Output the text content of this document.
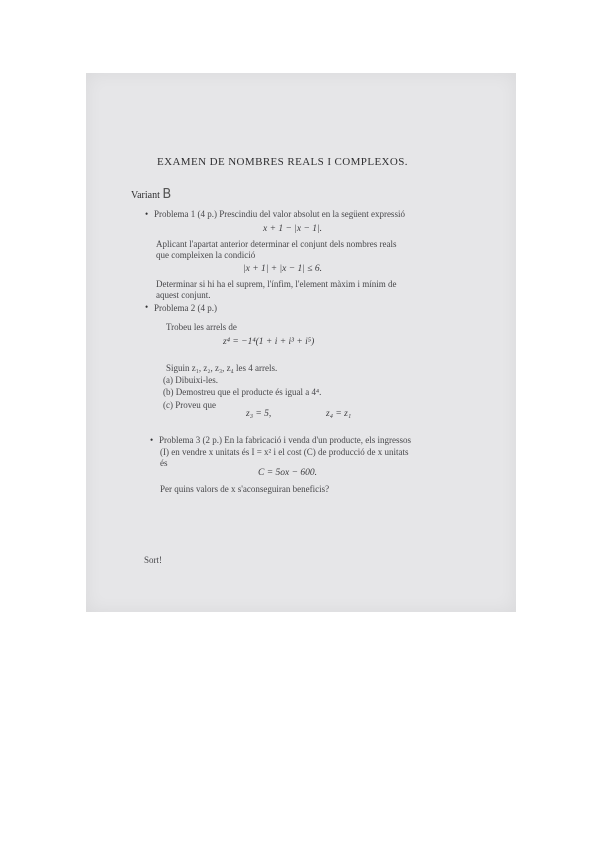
EXAMEN DE NOMBRES REALS I COMPLEXOS.
Variant B
• Problema 1 (4 p.) Prescindiu del valor absolut en la següent expressió
x + 1 − |x − 1|.
Aplicant l'apartat anterior determinar el conjunt dels nombres reals
que compleixen la condició
|x + 1| + |x − 1| ≤ 6.
Determinar si hi ha el suprem, l'ínfim, l'element màxim i mínim de
aquest conjunt.
• Problema 2 (4 p.)
Trobeu les arrels de
z⁴ = −1⁴(1 + i + i³ + i⁵)
Siguin z₁, z₂, z₃, z₄ les 4 arrels.
(a) Dibuixi-les.
(b) Demostreu que el producte és igual a 4⁴.
(c) Proveu que
z₃ = 5,	z₄ = z₁
• Problema 3 (2 p.) En la fabricació i venda d'un producte, els ingressos
(I) en vendre x unitats és I = x² i el cost (C) de producció de x unitats
és
C = 5ox − 600.
Per quins valors de x s'aconseguiran beneficis?
Sort!
